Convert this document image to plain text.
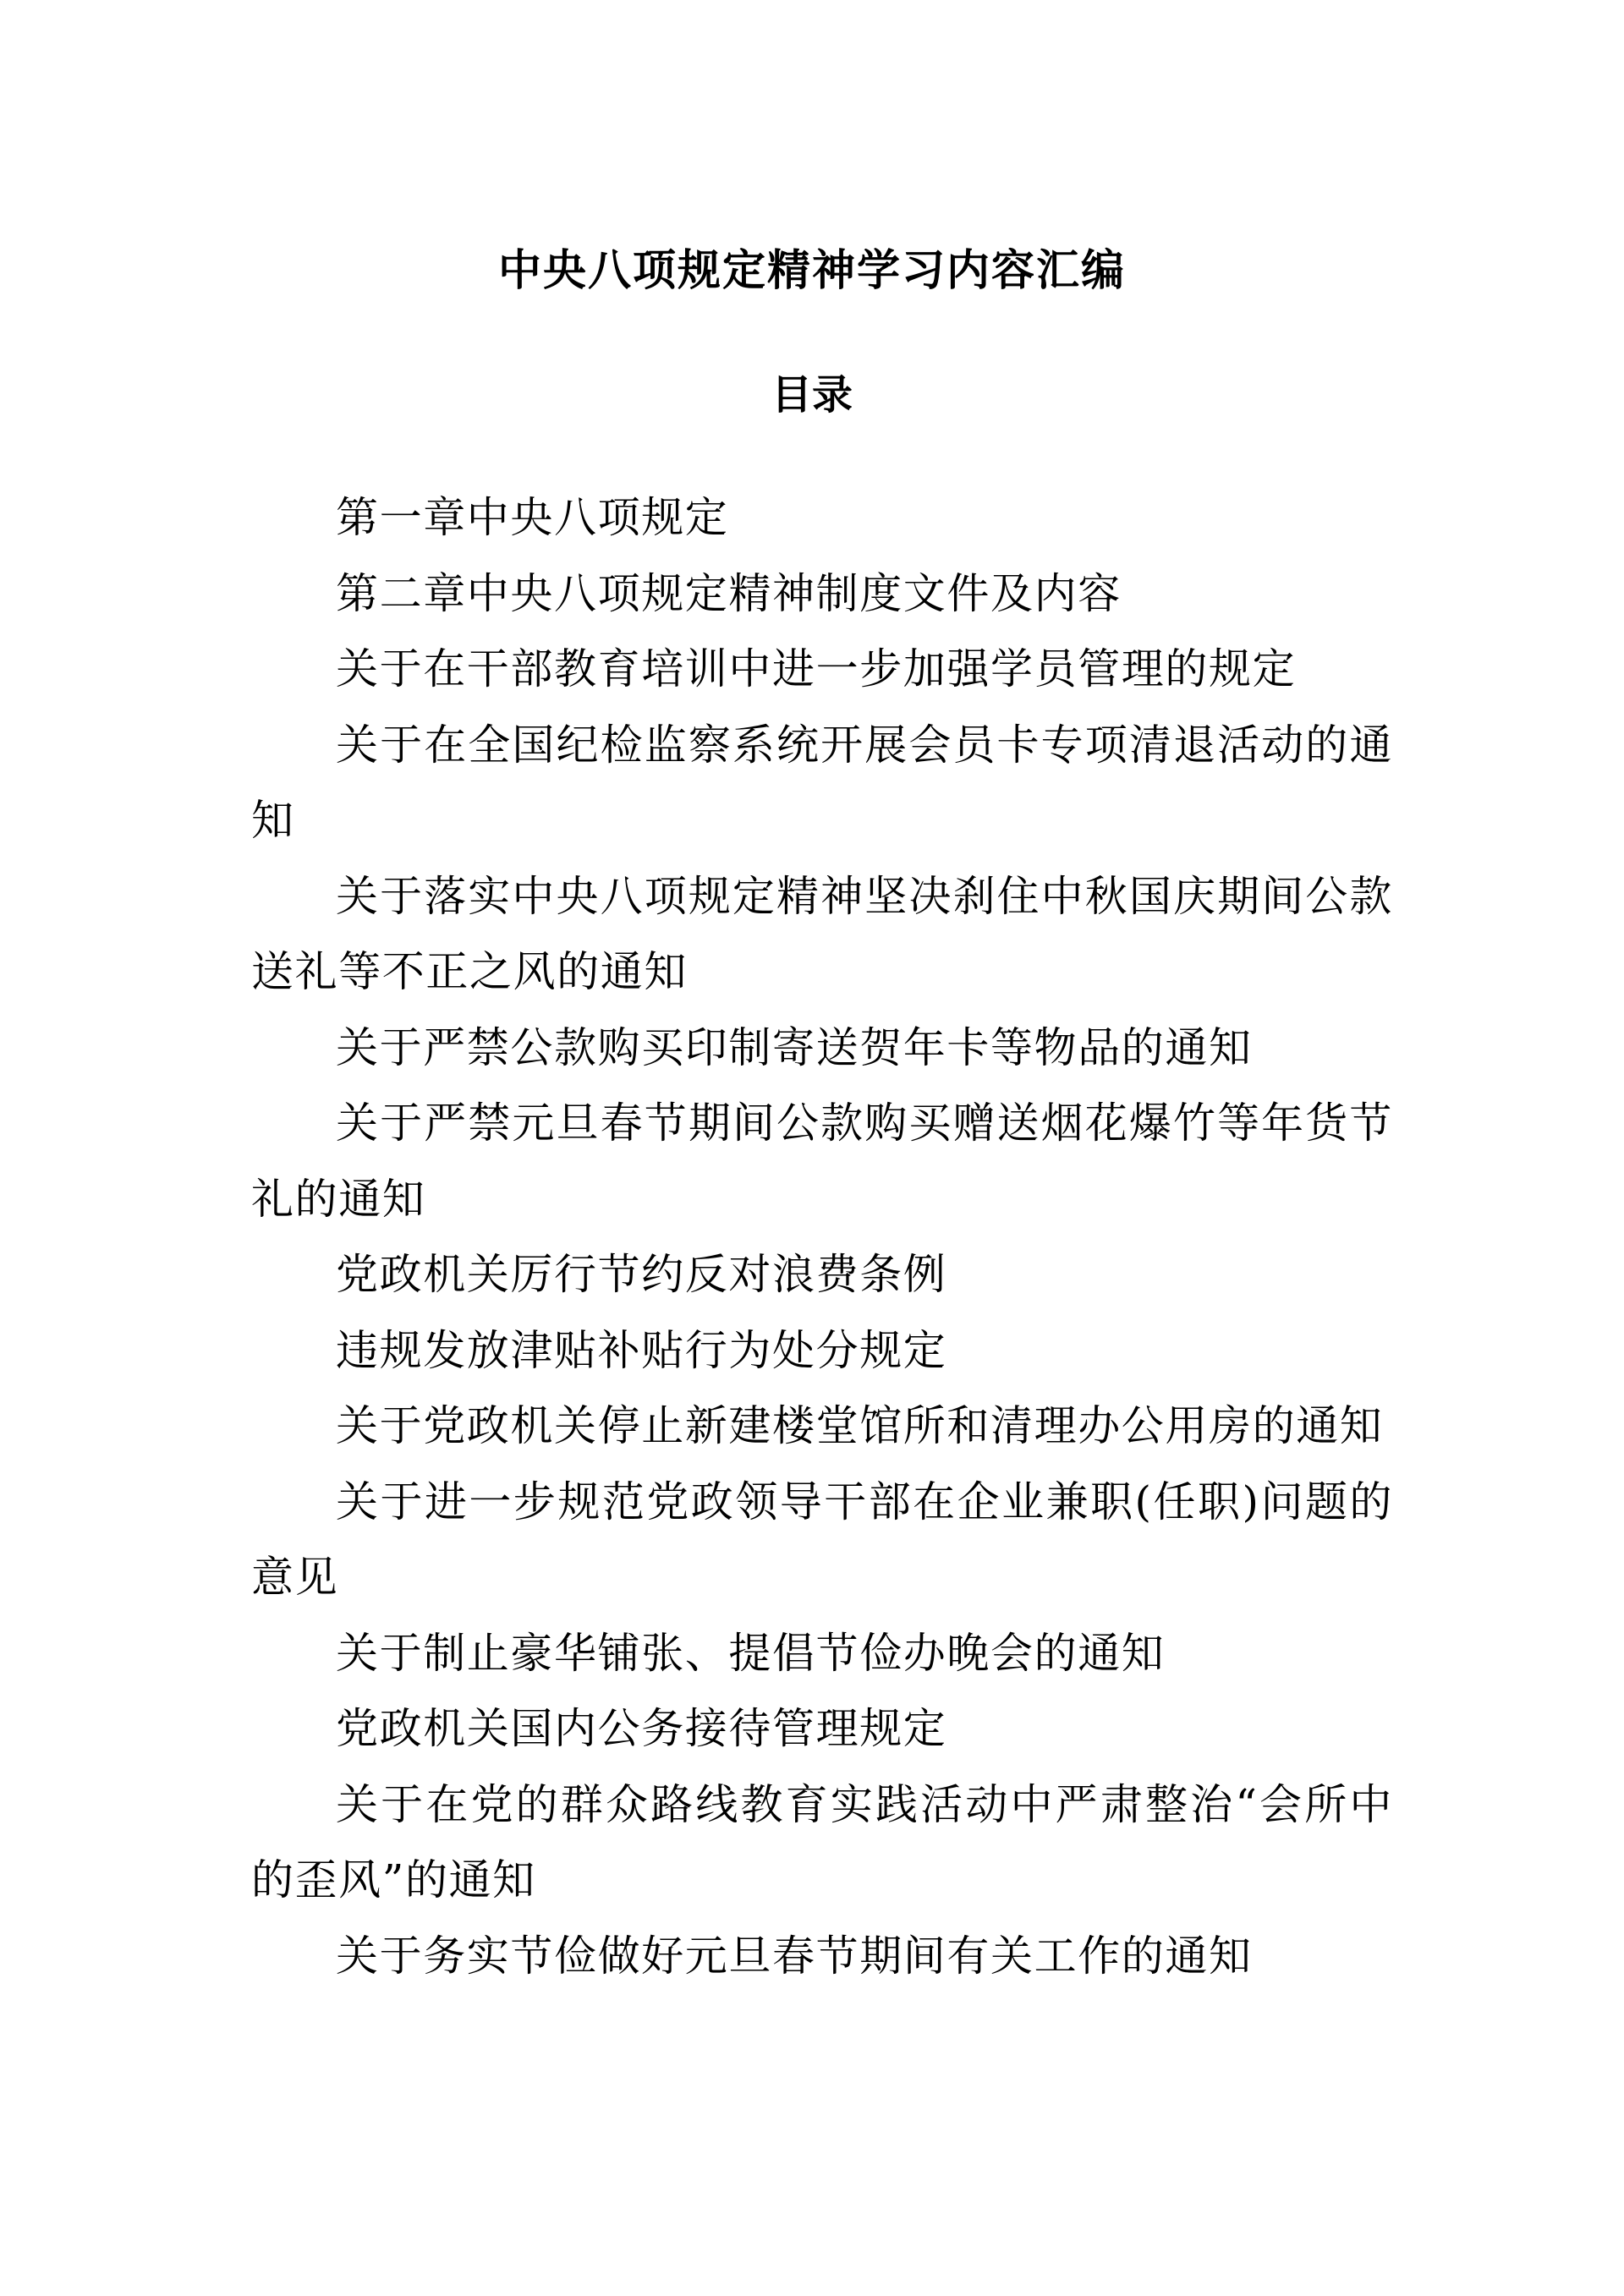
中央八项规定精神学习内容汇编
目录
第一章中央八项规定
第二章中央八项规定精神制度文件及内容
关于在干部教育培训中进一步加强学员管理的规定
关于在全国纪检监察系统开展会员卡专项清退活动的通知
关于落实中央八项规定精神坚决刹住中秋国庆期间公款送礼等不正之风的通知
关于严禁公款购买印制寄送贺年卡等物品的通知
关于严禁元旦春节期间公款购买赠送烟花爆竹等年货节礼的通知
党政机关厉行节约反对浪费条例
违规发放津贴补贴行为处分规定
关于党政机关停止新建楼堂馆所和清理办公用房的通知
关于进一步规范党政领导干部在企业兼职(任职)问题的意见
关于制止豪华铺张、提倡节俭办晚会的通知
党政机关国内公务接待管理规定
关于在党的群众路线教育实践活动中严肃整治“会所中的歪风”的通知
关于务实节俭做好元旦春节期间有关工作的通知
